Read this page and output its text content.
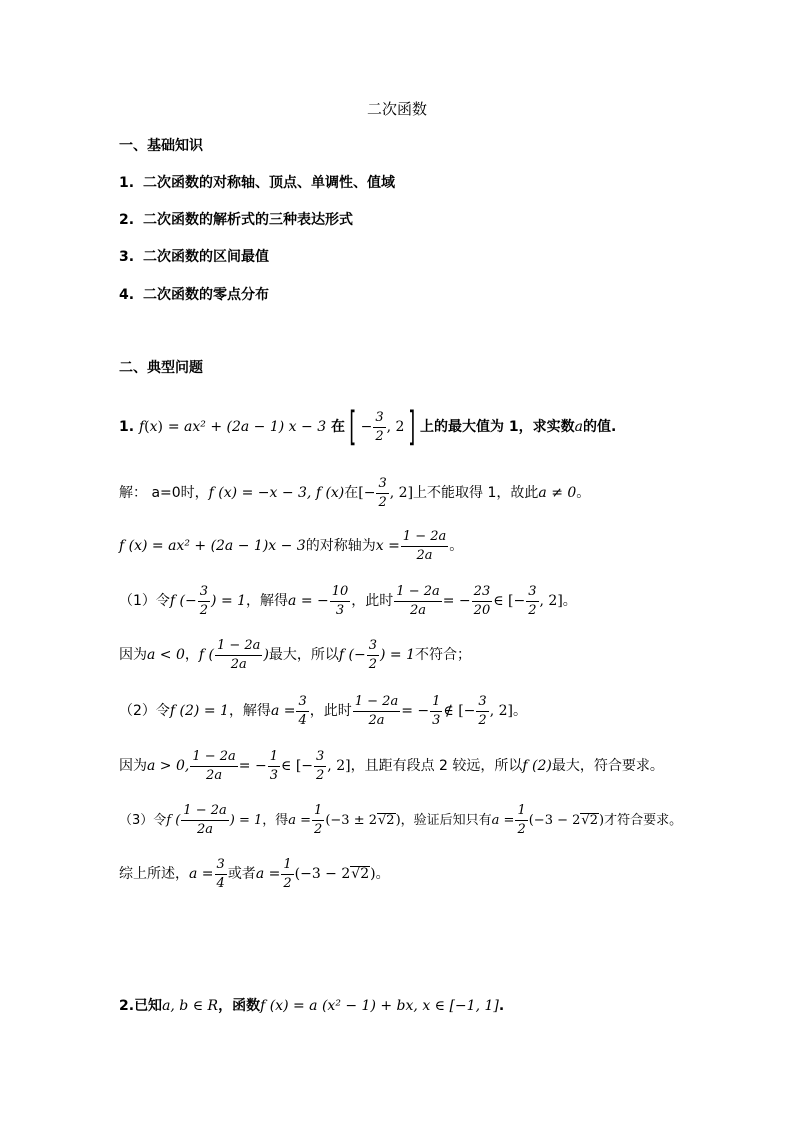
二次函数
一、基础知识
1. 二次函数的对称轴、顶点、单调性、值域
2. 二次函数的解析式的三种表达形式
3. 二次函数的区间最值
4. 二次函数的零点分布
二、典型问题
1. f(x) = ax² + (2a − 1) x − 3 在 [ − $\frac{3}{2}$ , 2 ] 上的最大值为 1，求实数a的值.
解： a=0时，f (x) = −x − 3, f (x)在[− $\frac{3}{2}$ , 2]上不能取得 1，故此a ≠ 0。
f (x) = ax² + (2a − 1)x − 3的对称轴为$x = \frac{1 - 2a}{2a}$ 。
（1）令f (− $\frac{3}{2}$ ) = 1，解得a = − $\frac{10}{3}$ ，此时 $\frac{1 - 2a}{2a}$ = − $\frac{23}{20}$ ∈ [− $\frac{3}{2}$ , 2]。
因为a < 0，f ( $\frac{1 - 2a}{2a}$ )最大，所以f (− $\frac{3}{2}$ ) = 1不符合；
（2）令f (2) = 1，解得$a = \frac{3}{4}$ ，此时 $\frac{1 - 2a}{2a}$ = − $\frac{1}{3}$ ∉ [− $\frac{3}{2}$ , 2]。
因为a > 0, $\frac{1 - 2a}{2a}$ = − $\frac{1}{3}$ ∈ [− $\frac{3}{2}$ , 2]，且距有段点 2 较远，所以f (2)最大，符合要求。
（3）令f ( $\frac{1 - 2a}{2a}$ ) = 1，得$a = \frac{1}{2} (-3 \pm 2√2)$，验证后知只有$a = \frac{1}{2} (-3 - 2√2)$才符合要求。
综上所述，$a = \frac{3}{4}$ 或者$a = \frac{1}{2} (-3 - 2√2)$。
2.已知a, b ∈ R，函数f (x) = a (x² − 1) + bx, x ∈ [−1, 1].
